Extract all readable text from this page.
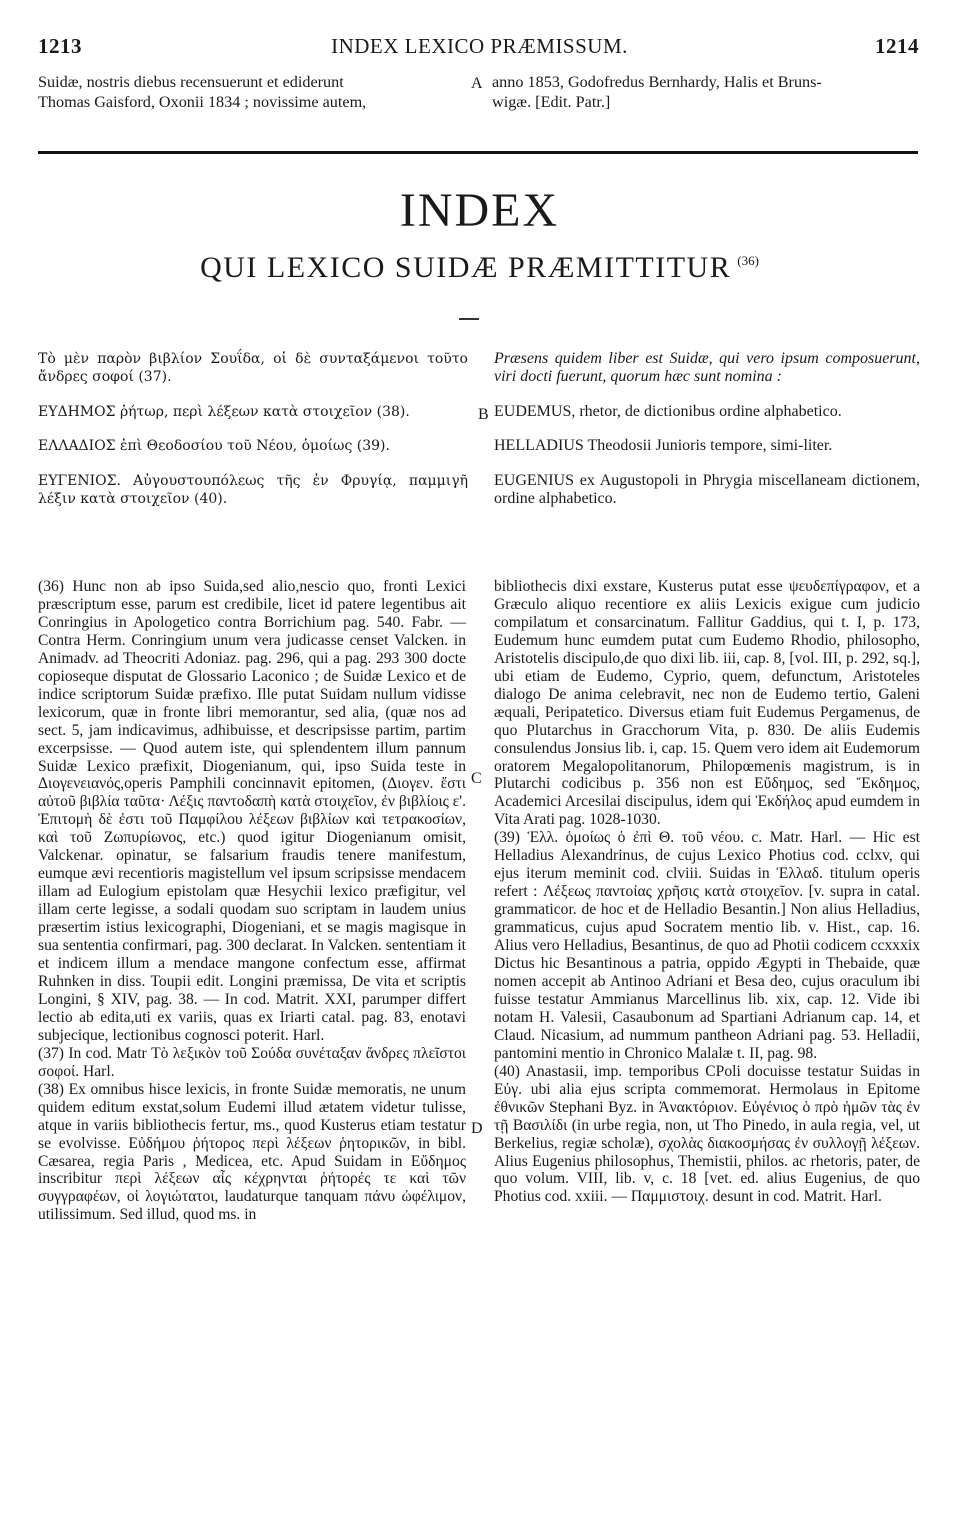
1213	INDEX LEXICO PRÆMISSUM.	1214
Suidæ, nostris diebus recensuerunt et ediderunt
Thomas Gaisford, Oxonii 1834 ; novissime autem,
A anno 1853, Godofredus Bernhardy, Halis et Bruns-
wigæ. [Edit. Patr.]
INDEX
QUI LEXICO SUIDÆ PRÆMITTITUR $^{(36)}$

Τὸ μὲν παρὸν βιβλίον Σουΐδα, οἱ δὲ συνταξάμενοι τοῦτο ἄνδρες σοφοί (37).

ΕΥΔΗΜΟΣ ῥήτωρ, περὶ λέξεων κατὰ στοιχεῖον (38).

ΕΛΛΑΔΙΟΣ ἐπὶ Θεοδοσίου τοῦ Νέου, ὁμοίως (39).

ΕΥΓΕΝΙΟΣ. Αὐγουστουπόλεως τῆς ἐν Φρυγίᾳ, παμμιγῆ λέξιν κατὰ στοιχεῖον (40).

B

Præsens quidem liber est Suidæ, qui vero ipsum composuerunt, viri docti fuerunt, quorum hæc sunt nomina :

EUDEMUS, rhetor, de dictionibus ordine alphabetico.

HELLADIUS Theodosii Junioris tempore, simi-liter.

EUGENIUS ex Augustopoli in Phrygia miscellaneam dictionem, ordine alphabetico.

(36) Hunc non ab ipso Suida,sed alio,nescio quo, fronti Lexici præscriptum esse, parum est credibile, licet id patere legentibus ait Conringius in Apologetico contra Borrichium pag. 540. Fabr. — Contra Herm. Conringium unum vera judicasse censet Valcken. in Animadv. ad Theocriti Adoniaz. pag. 296, qui a pag. 293 300 docte copioseque disputat de Glossario Laconico ; de Suidæ Lexico et de indice scriptorum Suidæ præfixo. Ille putat Suidam nullum vidisse lexicorum, quæ in fronte libri memorantur, sed alia, (quæ nos ad sect. 5, jam indicavimus, adhibuisse, et descripsisse partim, partim excerpsisse. — Quod autem iste, qui splendentem illum pannum Suidæ Lexico præfixit, Diogenianum, qui, ipso Suida teste in Διογενειανός,operis Pamphili concinnavit epitomen, (Διογεν. ἔστι αὐτοῦ βιβλία ταῦτα· Λέξις παντοδαπὴ κατὰ στοιχεῖον, ἐν βιβλίοις ε'. Ἐπιτομὴ δὲ ἐστι τοῦ Παμφίλου λέξεων βιβλίων καὶ τετρακοσίων, καὶ τοῦ Ζωπυρίωνος, etc.) quod igitur Diogenianum omisit, Valckenar. opinatur, se falsarium fraudis tenere manifestum, eumque ævi recentioris magistellum vel ipsum scripsisse mendacem illam ad Eulogium epistolam quæ Hesychii lexico præfigitur, vel illam certe legisse, a sodali quodam suo scriptam in laudem unius præsertim istius lexicographi, Diogeniani, et se magis magisque in sua sententia confirmari, pag. 300 declarat. In Valcken. sententiam it et indicem illum a mendace mangone confectum esse, affirmat Ruhnken in diss. Toupii edit. Longini præmissa, De vita et scriptis Longini, § XIV, pag. 38. — In cod. Matrit. XXI, parumper differt lectio ab edita,uti ex variis, quas ex Iriarti catal. pag. 83, enotavi subjecique, lectionibus cognosci poterit. Harl.

(37) In cod. Matr Τὸ λεξικὸν τοῦ Σούδα συνέταξαν ἄνδρες πλεῖστοι σοφοί. Harl.

(38) Ex omnibus hisce lexicis, in fronte Suidæ memoratis, ne unum quidem editum exstat,solum Eudemi illud ætatem videtur tulisse, atque in variis bibliothecis fertur, ms., quod Kusterus etiam testatur se evolvisse. Εὐδήμου ῥήτορος περὶ λέξεων ῥητορικῶν, in bibl. Cæsarea, regia Paris , Medicea, etc. Apud Suidam in Εὔδημος inscribitur περὶ λέξεων αἷς κέχρηνται ῥήτορές τε καὶ τῶν συγγραφέων, οἱ λογιώτατοι, laudaturque tanquam πάνυ ὠφέλιμον, utilissimum. Sed illud, quod ms. in

C
D

bibliothecis dixi exstare, Kusterus putat esse ψευδεπίγραφον, et a Græculo aliquo recentiore ex aliis Lexicis exigue cum judicio compilatum et consarcinatum. Fallitur Gaddius, qui t. I, p. 173, Eudemum hunc eumdem putat cum Eudemo Rhodio, philosopho, Aristotelis discipulo,de quo dixi lib. iii, cap. 8, [vol. III, p. 292, sq.], ubi etiam de Eudemo, Cyprio, quem, defunctum, Aristoteles dialogo De anima celebravit, nec non de Eudemo tertio, Galeni æquali, Peripatetico. Diversus etiam fuit Eudemus Pergamenus, de quo Plutarchus in Gracchorum Vita, p. 830. De aliis Eudemis consulendus Jonsius lib. i, cap. 15. Quem vero idem ait Eudemorum oratorem Megalopolitanorum, Philopœmenis magistrum, is in Plutarchi codicibus p. 356 non est Εὔδημος, sed Ἔκδημος, Academici Arcesilai discipulus, idem qui Ἐκδήλος apud eumdem in Vita Arati pag. 1028-1030.

(39) Ἑλλ. ὁμοίως ὁ ἐπὶ Θ. τοῦ νέου. c. Matr. Harl. — Hic est Helladius Alexandrinus, de cujus Lexico Photius cod. cclxv, qui ejus iterum meminit cod. clviii. Suidas in Ἑλλαδ. titulum operis refert : Λέξεως παντοίας χρῆσις κατὰ στοιχεῖον. [v. supra in catal. grammaticor. de hoc et de Helladio Besantin.] Non alius Helladius, grammaticus, cujus apud Socratem mentio lib. v. Hist., cap. 16. Alius vero Helladius, Besantinus, de quo ad Photii codicem ccxxxix Dictus hic Besantinous a patria, oppido Ægypti in Thebaide, quæ nomen accepit ab Antinoo Adriani et Besa deo, cujus oraculum ibi fuisse testatur Ammianus Marcellinus lib. xix, cap. 12. Vide ibi notam H. Valesii, Casaubonum ad Spartiani Adrianum cap. 14, et Claud. Nicasium, ad nummum pantheon Adriani pag. 53. Helladii, pantomini mentio in Chronico Malalæ t. II, pag. 98.

(40) Anastasii, imp. temporibus CPoli docuisse testatur Suidas in Εὐγ. ubi alia ejus scripta commemorat. Hermolaus in Epitome ἐθνικῶν Stephani Byz. in Ἀνακτόριον. Εὐγένιος ὁ πρὸ ἡμῶν τὰς ἐν τῇ Βασιλίδι (in urbe regia, non, ut Tho Pinedo, in aula regia, vel, ut Berkelius, regiæ scholæ), σχολὰς διακοσμήσας ἐν συλλογῇ λέξεων. Alius Eugenius philosophus, Themistii, philos. ac rhetoris, pater, de quo volum. VIII, lib. v, c. 18 [vet. ed. alius Eugenius, de quo Photius cod. xxiii. — Παμμιστοιχ. desunt in cod. Matrit. Harl.
